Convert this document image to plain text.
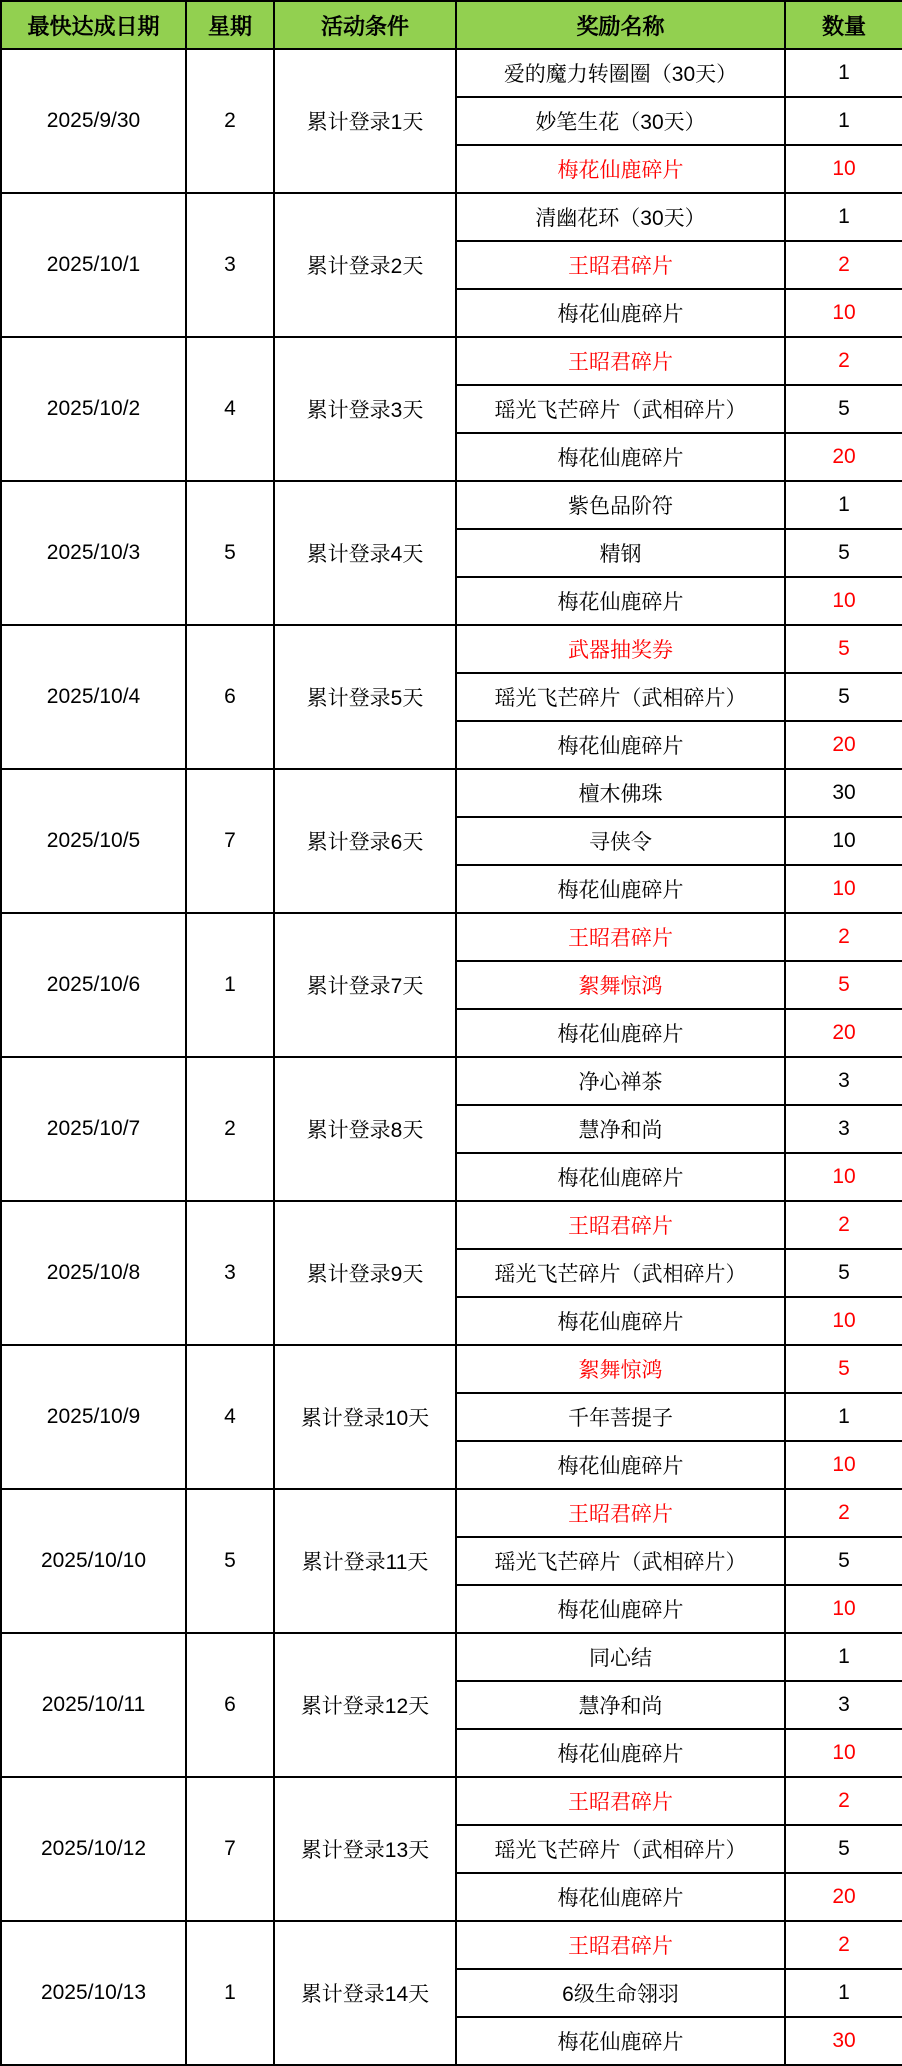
最快达成日期	星期	活动条件	奖励名称	数量
2025/9/30	2	累计登录1天	爱的魔力转圈圈（30天）	1
			妙笔生花（30天）	1
			梅花仙鹿碎片	10
2025/10/1	3	累计登录2天	清幽花环（30天）	1
			王昭君碎片	2
			梅花仙鹿碎片	10
2025/10/2	4	累计登录3天	王昭君碎片	2
			瑶光飞芒碎片（武相碎片）	5
			梅花仙鹿碎片	20
2025/10/3	5	累计登录4天	紫色品阶符	1
			精钢	5
			梅花仙鹿碎片	10
2025/10/4	6	累计登录5天	武器抽奖券	5
			瑶光飞芒碎片（武相碎片）	5
			梅花仙鹿碎片	20
2025/10/5	7	累计登录6天	檀木佛珠	30
			寻侠令	10
			梅花仙鹿碎片	10
2025/10/6	1	累计登录7天	王昭君碎片	2
			絮舞惊鸿	5
			梅花仙鹿碎片	20
2025/10/7	2	累计登录8天	净心禅茶	3
			慧净和尚	3
			梅花仙鹿碎片	10
2025/10/8	3	累计登录9天	王昭君碎片	2
			瑶光飞芒碎片（武相碎片）	5
			梅花仙鹿碎片	10
2025/10/9	4	累计登录10天	絮舞惊鸿	5
			千年菩提子	1
			梅花仙鹿碎片	10
2025/10/10	5	累计登录11天	王昭君碎片	2
			瑶光飞芒碎片（武相碎片）	5
			梅花仙鹿碎片	10
2025/10/11	6	累计登录12天	同心结	1
			慧净和尚	3
			梅花仙鹿碎片	10
2025/10/12	7	累计登录13天	王昭君碎片	2
			瑶光飞芒碎片（武相碎片）	5
			梅花仙鹿碎片	20
2025/10/13	1	累计登录14天	王昭君碎片	2
			6级生命翎羽	1
			梅花仙鹿碎片	30
